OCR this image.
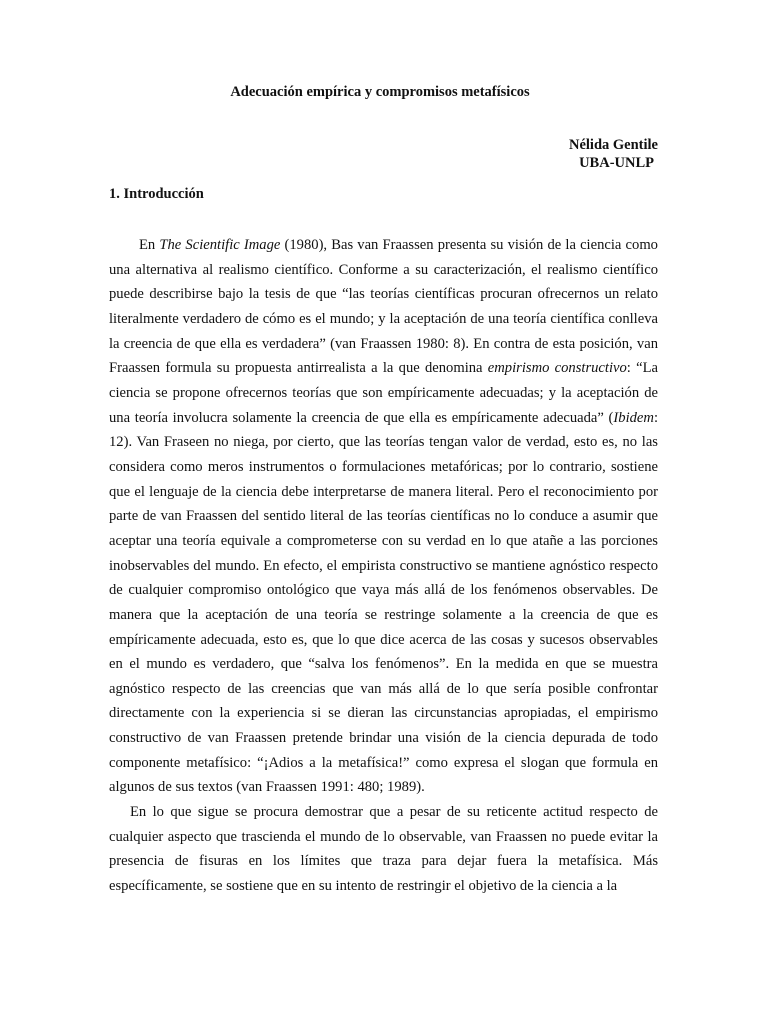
Adecuación empírica y compromisos metafísicos
Nélida Gentile
UBA-UNLP
1. Introducción

En The Scientific Image (1980), Bas van Fraassen presenta su visión de la ciencia como una alternativa al realismo científico. Conforme a su caracterización, el realismo científico puede describirse bajo la tesis de que “las teorías científicas procuran ofrecernos un relato literalmente verdadero de cómo es el mundo; y la aceptación de una teoría científica conlleva la creencia de que ella es verdadera” (van Fraassen 1980: 8). En contra de esta posición, van Fraassen formula su propuesta antirrealista a la que denomina empirismo constructivo: “La ciencia se propone ofrecernos teorías que son empíricamente adecuadas; y la aceptación de una teoría involucra solamente la creencia de que ella es empíricamente adecuada” (Ibidem: 12). Van Fraseen no niega, por cierto, que las teorías tengan valor de verdad, esto es, no las considera como meros instrumentos o formulaciones metafóricas; por lo contrario, sostiene que el lenguaje de la ciencia debe interpretarse de manera literal. Pero el reconocimiento por parte de van Fraassen del sentido literal de las teorías científicas no lo conduce a asumir que aceptar una teoría equivale a comprometerse con su verdad en lo que atañe a las porciones inobservables del mundo. En efecto, el empirista constructivo se mantiene agnóstico respecto de cualquier compromiso ontológico que vaya más allá de los fenómenos observables. De manera que la aceptación de una teoría se restringe solamente a la creencia de que es empíricamente adecuada, esto es, que lo que dice acerca de las cosas y sucesos observables en el mundo es verdadero, que “salva los fenómenos”. En la medida en que se muestra agnóstico respecto de las creencias que van más allá de lo que sería posible confrontar directamente con la experiencia si se dieran las circunstancias apropiadas, el empirismo constructivo de van Fraassen pretende brindar una visión de la ciencia depurada de todo componente metafísico: “¡Adios a la metafísica!” como expresa el slogan que formula en algunos de sus textos (van Fraassen 1991: 480; 1989).

En lo que sigue se procura demostrar que a pesar de su reticente actitud respecto de cualquier aspecto que trascienda el mundo de lo observable, van Fraassen no puede evitar la presencia de fisuras en los límites que traza para dejar fuera la metafísica. Más específicamente, se sostiene que en su intento de restringir el objetivo de la ciencia a la
